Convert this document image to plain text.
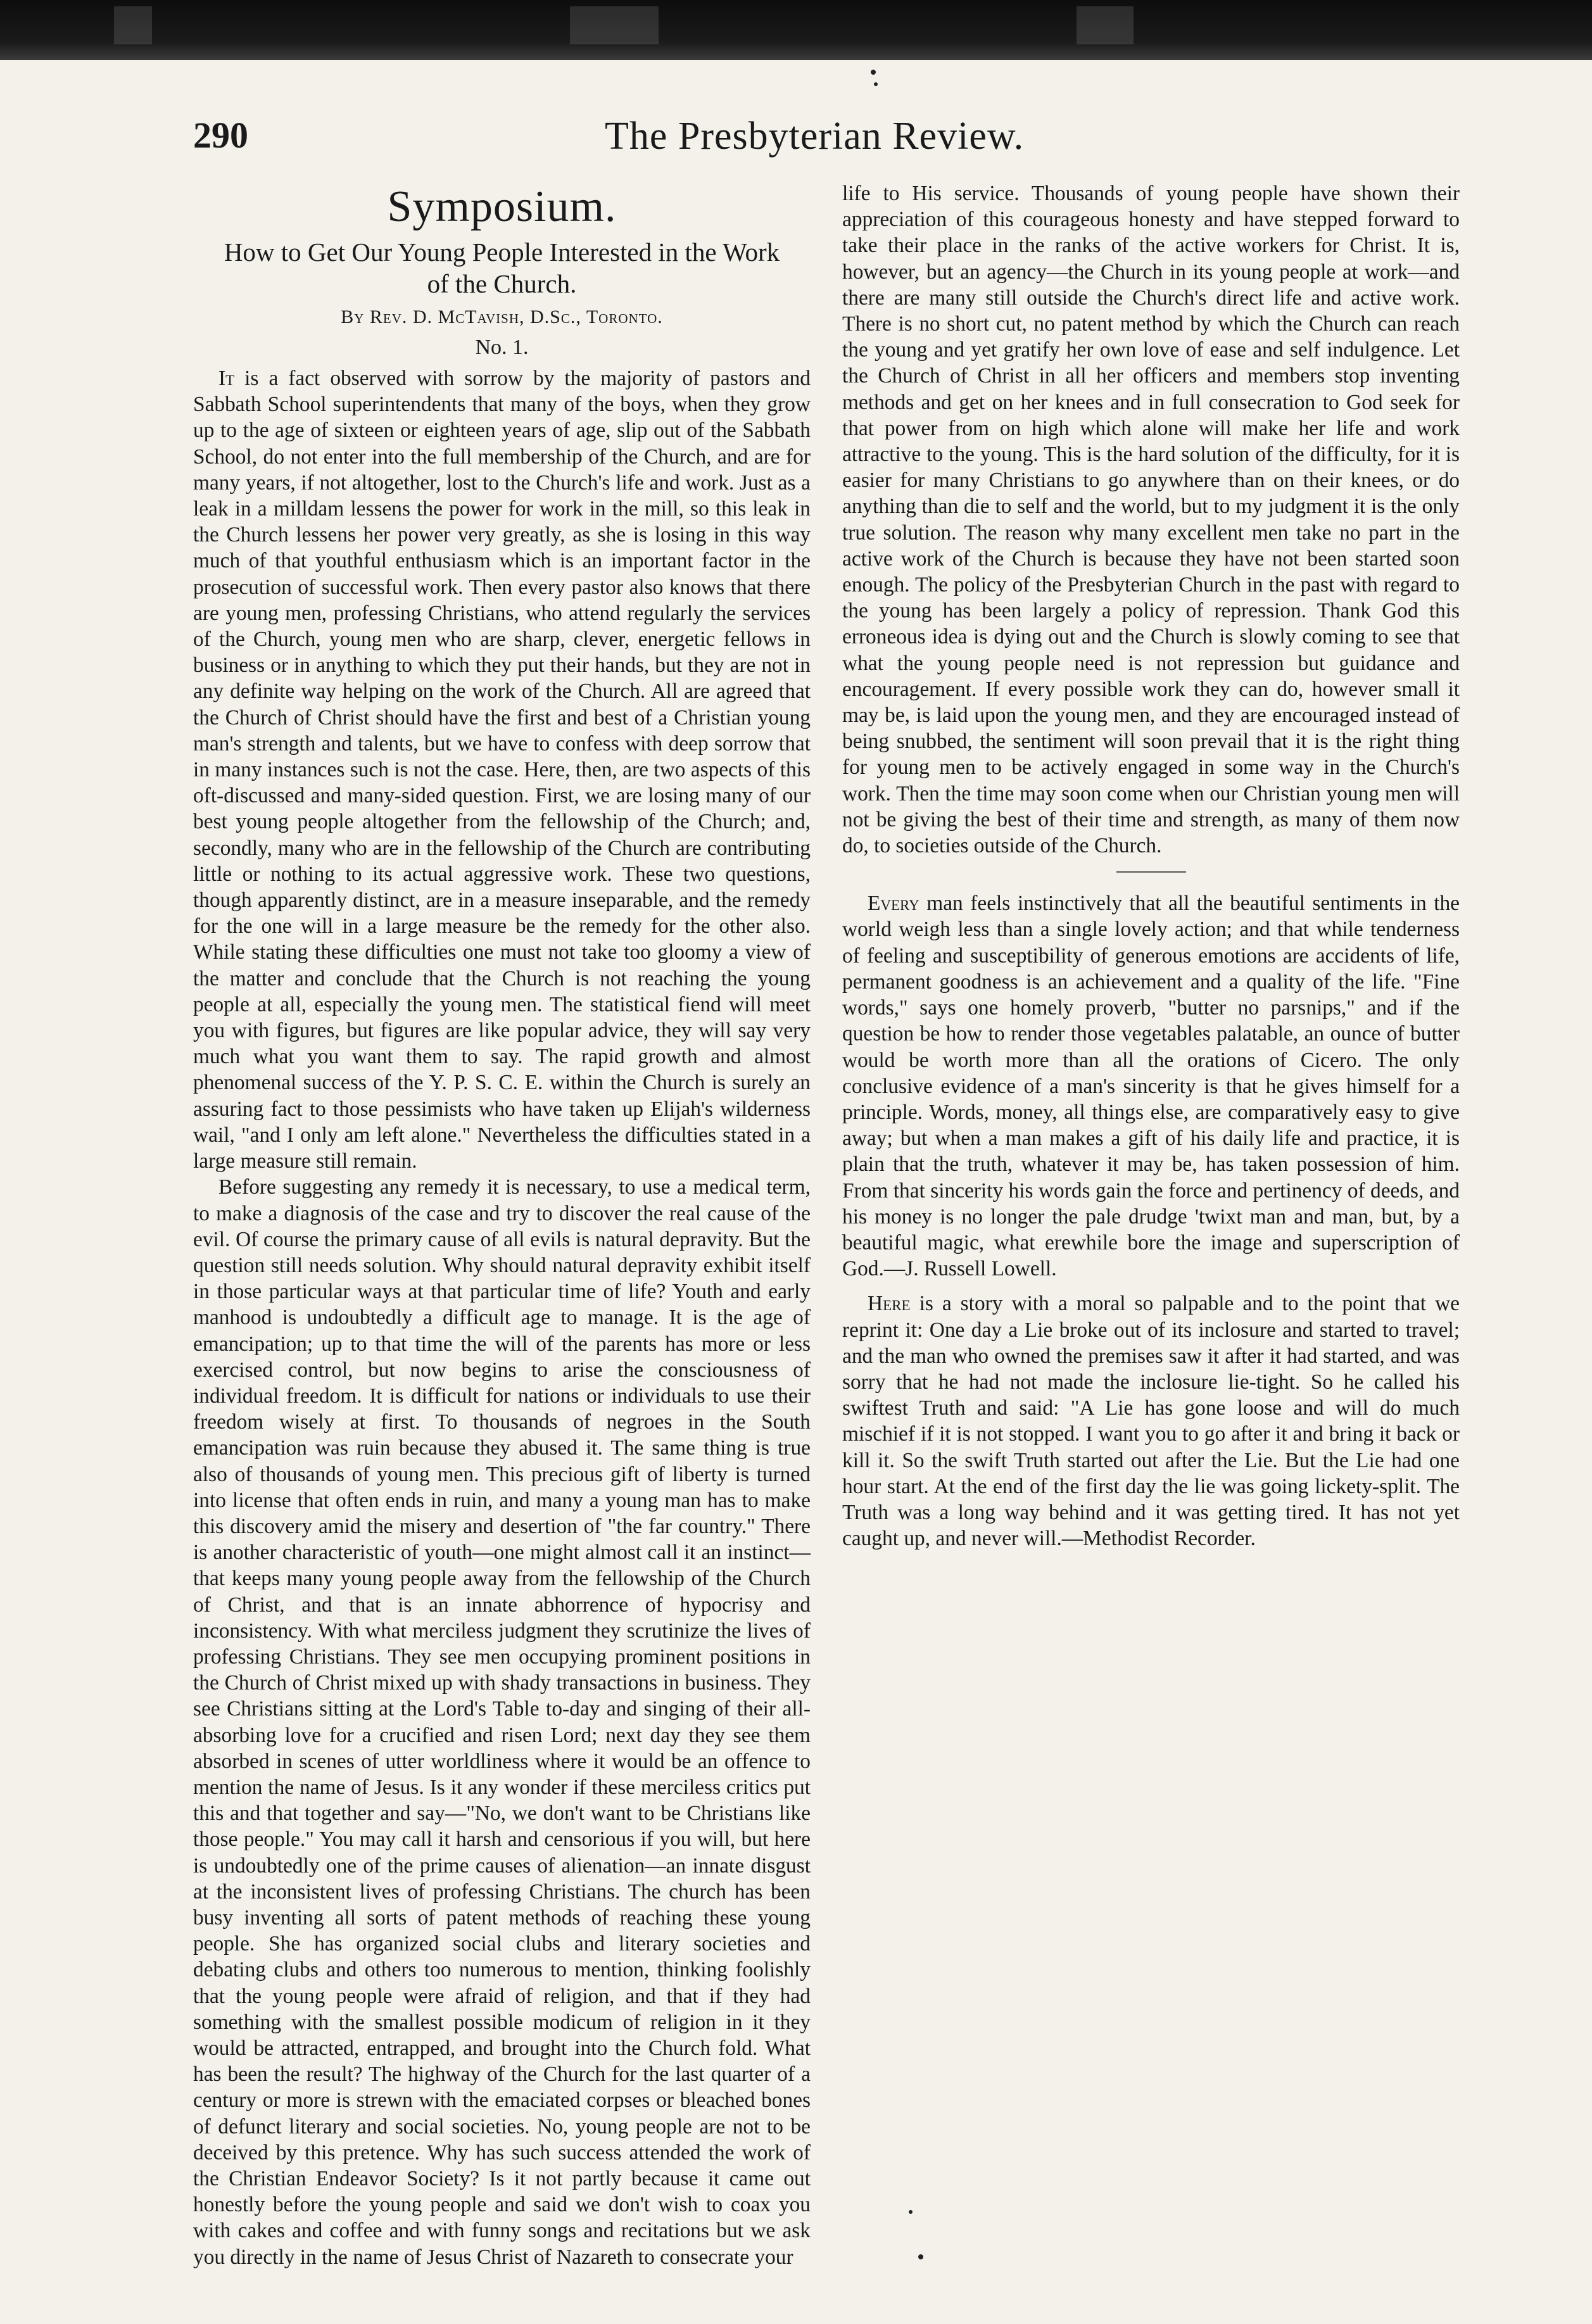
290	The Presbyterian Review.
Symposium.
How to Get Our Young People Interested in the Work of the Church.
By Rev. D. McTavish, D.Sc., Toronto.
No. 1.

It is a fact observed with sorrow by the majority of pastors and Sabbath School superintendents that many of the boys, when they grow up to the age of sixteen or eighteen years of age, slip out of the Sabbath School, do not enter into the full membership of the Church, and are for many years, if not altogether, lost to the Church's life and work. Just as a leak in a milldam lessens the power for work in the mill, so this leak in the Church lessens her power very greatly, as she is losing in this way much of that youthful enthusiasm which is an important factor in the prosecution of successful work. Then every pastor also knows that there are young men, professing Christians, who attend regularly the services of the Church, young men who are sharp, clever, energetic fellows in business or in anything to which they put their hands, but they are not in any definite way helping on the work of the Church. All are agreed that the Church of Christ should have the first and best of a Christian young man's strength and talents, but we have to confess with deep sorrow that in many instances such is not the case. Here, then, are two aspects of this oft-discussed and many-sided question. First, we are losing many of our best young people altogether from the fellowship of the Church; and, secondly, many who are in the fellowship of the Church are contributing little or nothing to its actual aggressive work. These two questions, though apparently distinct, are in a measure inseparable, and the remedy for the one will in a large measure be the remedy for the other also. While stating these difficulties one must not take too gloomy a view of the matter and conclude that the Church is not reaching the young people at all, especially the young men. The statistical fiend will meet you with figures, but figures are like popular advice, they will say very much what you want them to say. The rapid growth and almost phenomenal success of the Y. P. S. C. E. within the Church is surely an assuring fact to those pessimists who have taken up Elijah's wilderness wail, "and I only am left alone." Nevertheless the difficulties stated in a large measure still remain.

Before suggesting any remedy it is necessary, to use a medical term, to make a diagnosis of the case and try to discover the real cause of the evil. Of course the primary cause of all evils is natural depravity. But the question still needs solution. Why should natural depravity exhibit itself in those particular ways at that particular time of life? Youth and early manhood is undoubtedly a difficult age to manage. It is the age of emancipation; up to that time the will of the parents has more or less exercised control, but now begins to arise the consciousness of individual freedom. It is difficult for nations or individuals to use their freedom wisely at first. To thousands of negroes in the South emancipation was ruin because they abused it. The same thing is true also of thousands of young men. This precious gift of liberty is turned into license that often ends in ruin, and many a young man has to make this discovery amid the misery and desertion of "the far country." There is another characteristic of youth—one might almost call it an instinct—that keeps many young people away from the fellowship of the Church of Christ, and that is an innate abhorrence of hypocrisy and inconsistency. With what merciless judgment they scrutinize the lives of professing Christians. They see men occupying prominent positions in the Church of Christ mixed up with shady transactions in business. They see Christians sitting at the Lord's Table to-day and singing of their all-absorbing love for a crucified and risen Lord; next day they see them absorbed in scenes of utter worldliness where it would be an offence to mention the name of Jesus. Is it any wonder if these merciless critics put this and that together and say—"No, we don't want to be Christians like those people." You may call it harsh and censorious if you will, but here is undoubtedly one of the prime causes of alienation—an innate disgust at the inconsistent lives of professing Christians. The church has been busy inventing all sorts of patent methods of reaching these young people. She has organized social clubs and literary societies and debating clubs and others too numerous to mention, thinking foolishly that the young people were afraid of religion, and that if they had something with the smallest possible modicum of religion in it they would be attracted, entrapped, and brought into the Church fold. What has been the result? The highway of the Church for the last quarter of a century or more is strewn with the emaciated corpses or bleached bones of defunct literary and social societies. No, young people are not to be deceived by this pretence. Why has such success attended the work of the Christian Endeavor Society? Is it not partly because it came out honestly before the young people and said we don't wish to coax you with cakes and coffee and with funny songs and recitations but we ask you directly in the name of Jesus Christ of Nazareth to consecrate your

life to His service. Thousands of young people have shown their appreciation of this courageous honesty and have stepped forward to take their place in the ranks of the active workers for Christ. It is, however, but an agency—the Church in its young people at work—and there are many still outside the Church's direct life and active work. There is no short cut, no patent method by which the Church can reach the young and yet gratify her own love of ease and self indulgence. Let the Church of Christ in all her officers and members stop inventing methods and get on her knees and in full consecration to God seek for that power from on high which alone will make her life and work attractive to the young. This is the hard solution of the difficulty, for it is easier for many Christians to go anywhere than on their knees, or do anything than die to self and the world, but to my judgment it is the only true solution. The reason why many excellent men take no part in the active work of the Church is because they have not been started soon enough. The policy of the Presbyterian Church in the past with regard to the young has been largely a policy of repression. Thank God this erroneous idea is dying out and the Church is slowly coming to see that what the young people need is not repression but guidance and encouragement. If every possible work they can do, however small it may be, is laid upon the young men, and they are encouraged instead of being snubbed, the sentiment will soon prevail that it is the right thing for young men to be actively engaged in some way in the Church's work. Then the time may soon come when our Christian young men will not be giving the best of their time and strength, as many of them now do, to societies outside of the Church.

Every man feels instinctively that all the beautiful sentiments in the world weigh less than a single lovely action; and that while tenderness of feeling and susceptibility of generous emotions are accidents of life, permanent goodness is an achievement and a quality of the life. "Fine words," says one homely proverb, "butter no parsnips," and if the question be how to render those vegetables palatable, an ounce of butter would be worth more than all the orations of Cicero. The only conclusive evidence of a man's sincerity is that he gives himself for a principle. Words, money, all things else, are comparatively easy to give away; but when a man makes a gift of his daily life and practice, it is plain that the truth, whatever it may be, has taken possession of him. From that sincerity his words gain the force and pertinency of deeds, and his money is no longer the pale drudge 'twixt man and man, but, by a beautiful magic, what erewhile bore the image and superscription of God.—J. Russell Lowell.

Here is a story with a moral so palpable and to the point that we reprint it: One day a Lie broke out of its inclosure and started to travel; and the man who owned the premises saw it after it had started, and was sorry that he had not made the inclosure lie-tight. So he called his swiftest Truth and said: "A Lie has gone loose and will do much mischief if it is not stopped. I want you to go after it and bring it back or kill it. So the swift Truth started out after the Lie. But the Lie had one hour start. At the end of the first day the lie was going lickety-split. The Truth was a long way behind and it was getting tired. It has not yet caught up, and never will.—Methodist Recorder.
